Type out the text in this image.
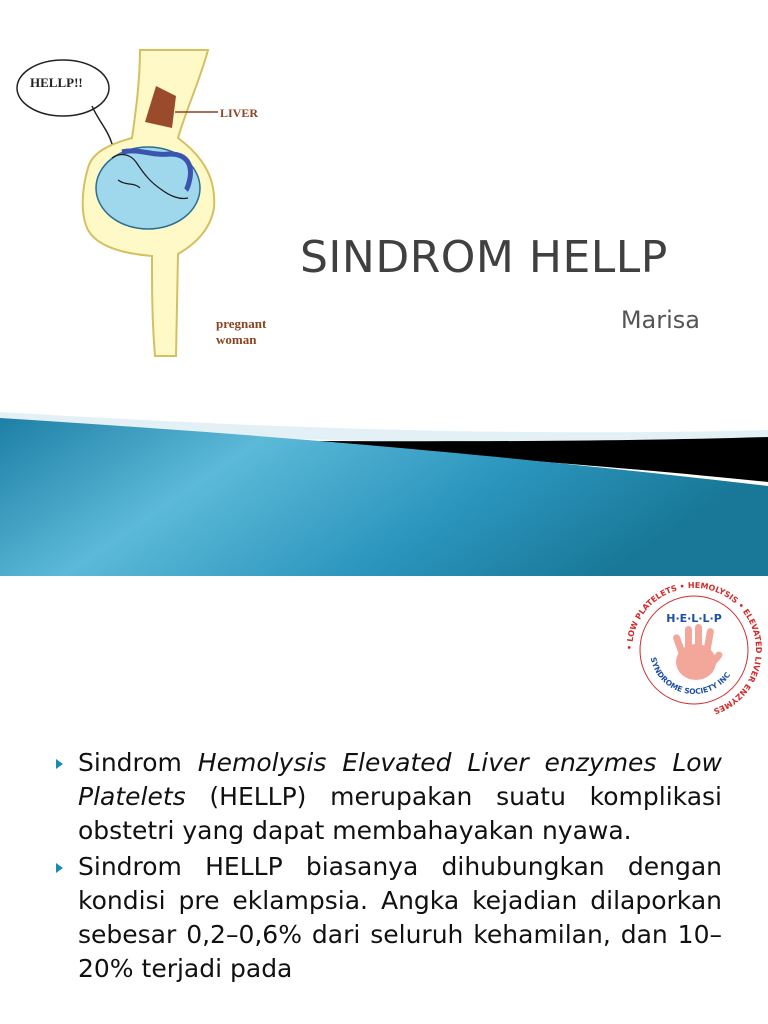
LIVER
HELLP!!
pregnant
woman
SINDROM HELLP
Marisa
• LOW PLATELETS • HEMOLYSIS • ELEVATED LIVER ENZYMES
H·E·L·L·P
SYNDROME SOCIETY INC
Sindrom Hemolysis Elevated Liver enzymes Low Platelets (HELLP) merupakan suatu komplikasi obstetri yang dapat membahayakan nyawa.
Sindrom HELLP biasanya dihubungkan dengan kondisi pre eklampsia. Angka kejadian dilaporkan sebesar 0,2–0,6% dari seluruh kehamilan, dan 10–20% terjadi pada
